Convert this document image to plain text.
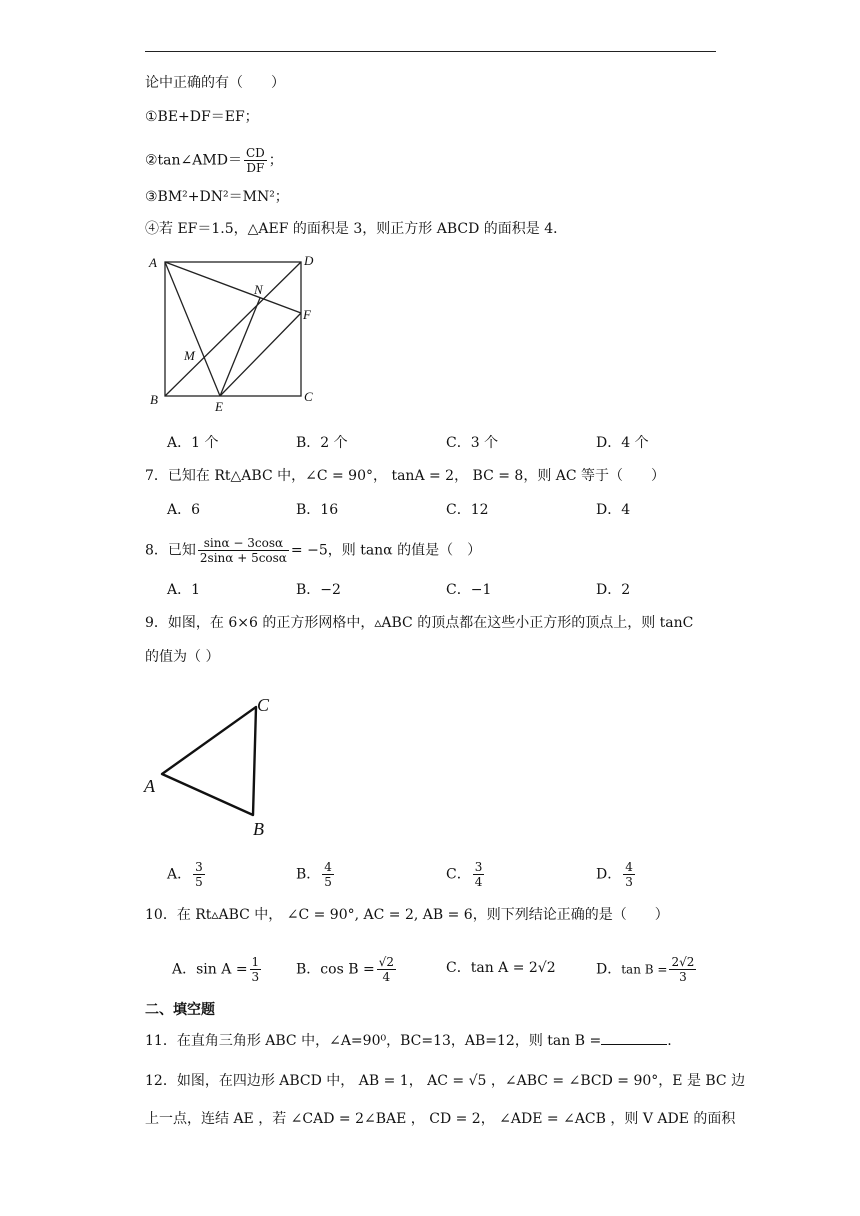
论中正确的有（　　）
①BE+DF＝EF；
②tan∠AMD＝ $\frac{CD}{DF}$ ；
③BM²+DN²＝MN²；
④若 EF＝1.5，△AEF 的面积是 3，则正方形 ABCD 的面积是 4．
A	D
F
N
M
B	E
C
A．1 个	B．2 个	C．3 个	D．4 个
7．已知在 Rt△ABC 中，∠C = 90°， tanA = 2， BC = 8，则 AC 等于（　　）
A．6	B．16	C．12	D．4
8．已知 $\frac{\sin\alpha - 3\cos\alpha}{2\sin\alpha + 5\cos\alpha} = -5$，则 tanα 的值是（　）
A．1	B．−2	C．−1	D．2
9．如图，在 6×6 的正方形网格中，▵ABC 的顶点都在这些小正方形的顶点上，则 tanC
的值为（ ）
A
C
B
A． $\frac{3}{5}$	B． $\frac{4}{5}$	C． $\frac{3}{4}$	D． $\frac{4}{3}$
10．在 Rt▵ABC 中， ∠C = 90°, AC = 2, AB = 6，则下列结论正确的是（　　）
A．$\sin A = \frac{1}{3}$ B．$\cos B = \frac{√2}{4}$	C．tan A = 2√2	D．$\tan B = \frac{2√2}{3}$
二、填空题
11．在直角三角形 ABC 中，∠A=90⁰，BC=13，AB=12，则 tan B =	.
12．如图，在四边形 ABCD 中， AB = 1， AC = √5 ，∠ABC = ∠BCD = 90°，E 是 BC 边
上一点，连结 AE ，若 ∠CAD = 2∠BAE ， CD = 2， ∠ADE = ∠ACB ，则 V ADE 的面积
